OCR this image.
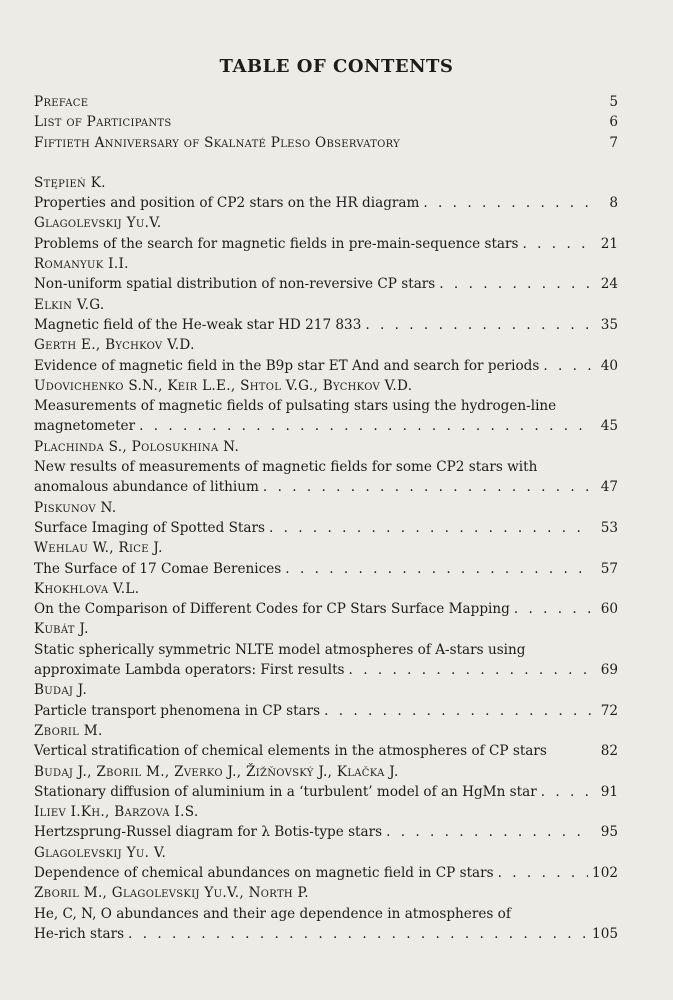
TABLE OF CONTENTS
Preface	5
List of Participants	6
Fiftieth Anniversary of Skalnaté Pleso Observatory	7
Stępień K.
Properties and position of CP2 stars on the HR diagram . . .	8
Glagolevskij Yu.V.
Problems of the search for magnetic fields in pre-main-sequence stars . . .	21
Romanyuk I.I.
Non-uniform spatial distribution of non-reversive CP stars . . .	24
Elkin V.G.
Magnetic field of the He-weak star HD 217 833 . . .	35
Gerth E., Bychkov V.D.
Evidence of magnetic field in the B9p star ET And and search for periods . . .	40
Udovichenko S.N., Keir L.E., Shtol V.G., Bychkov V.D.
Measurements of magnetic fields of pulsating stars using the hydrogen-line
magnetometer . . .	45
Plachinda S., Polosukhina N.
New results of measurements of magnetic fields for some CP2 stars with
anomalous abundance of lithium . . .	47
Piskunov N.
Surface Imaging of Spotted Stars . . .	53
Wehlau W., Rice J.
The Surface of 17 Comae Berenices . . .	57
Khokhlova V.L.
On the Comparison of Different Codes for CP Stars Surface Mapping . . .	60
Kubát J.
Static spherically symmetric NLTE model atmospheres of A-stars using
approximate Lambda operators: First results . . .	69
Budaj J.
Particle transport phenomena in CP stars . . .	72
Zboril M.
Vertical stratification of chemical elements in the atmospheres of CP stars	82
Budaj J., Zboril M., Zverko J., Žižňovský J., Klačka J.
Stationary diffusion of aluminium in a ‘turbulent’ model of an HgMn star . . .	91
Iliev I.Kh., Barzova I.S.
Hertzsprung-Russel diagram for λ Botis-type stars . . .	95
Glagolevskij Yu. V.
Dependence of chemical abundances on magnetic field in CP stars . . .	102
Zboril M., Glagolevskij Yu.V., North P.
He, C, N, O abundances and their age dependence in atmospheres of
He-rich stars . . .	105
